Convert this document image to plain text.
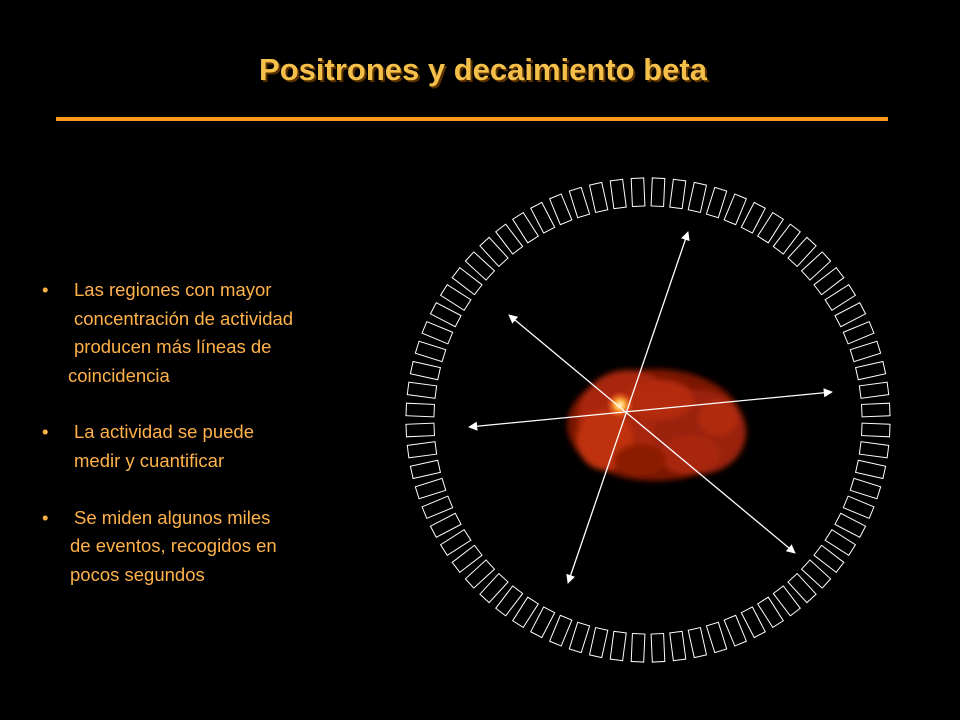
Positrones y decaimiento beta
• Las regiones con mayor
concentración de actividad
producen más líneas de
coincidencia
• La actividad se puede
medir y cuantificar
• Se miden algunos miles
de eventos, recogidos en
pocos segundos
